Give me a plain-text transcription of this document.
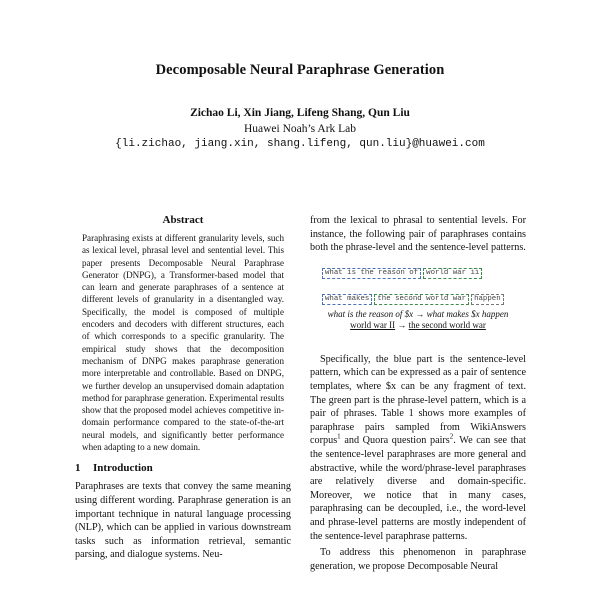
Decomposable Neural Paraphrase Generation
Zichao Li, Xin Jiang, Lifeng Shang, Qun Liu
Huawei Noah’s Ark Lab
{li.zichao, jiang.xin, shang.lifeng, qun.liu}@huawei.com
Abstract

Paraphrasing exists at different granularity levels, such as lexical level, phrasal level and sentential level. This paper presents Decomposable Neural Paraphrase Generator (DNPG), a Transformer-based model that can learn and generate paraphrases of a sentence at different levels of granularity in a disentangled way. Specifically, the model is composed of multiple encoders and decoders with different structures, each of which corresponds to a specific granularity. The empirical study shows that the decomposition mechanism of DNPG makes paraphrase generation more interpretable and controllable. Based on DNPG, we further develop an unsupervised domain adaptation method for paraphrase generation. Experimental results show that the proposed model achieves competitive in-domain performance compared to the state-of-the-art neural models, and significantly better performance when adapting to a new domain.

1 Introduction

Paraphrases are texts that convey the same meaning using different wording. Paraphrase generation is an important technique in natural language processing (NLP), which can be applied in various downstream tasks such as information retrieval, semantic parsing, and dialogue systems. Neu-

from the lexical to phrasal to sentential levels. For instance, the following pair of paraphrases contains both the phrase-level and the sentence-level patterns.

what is the reason of	world war ii
what makes	the second world war	happen
what is the reason of $x → what makes $x happen
world war II → the second world war

Specifically, the blue part is the sentence-level pattern, which can be expressed as a pair of sentence templates, where $x can be any fragment of text. The green part is the phrase-level pattern, which is a pair of phrases. Table 1 shows more examples of paraphrase pairs sampled from WikiAnswers corpus$^1$ and Quora question pairs$^2$. We can see that the sentence-level paraphrases are more general and abstractive, while the word/phrase-level paraphrases are relatively diverse and domain-specific. Moreover, we notice that in many cases, paraphrasing can be decoupled, i.e., the word-level and phrase-level patterns are mostly independent of the sentence-level paraphrase patterns.

To address this phenomenon in paraphrase generation, we propose Decomposable Neural
